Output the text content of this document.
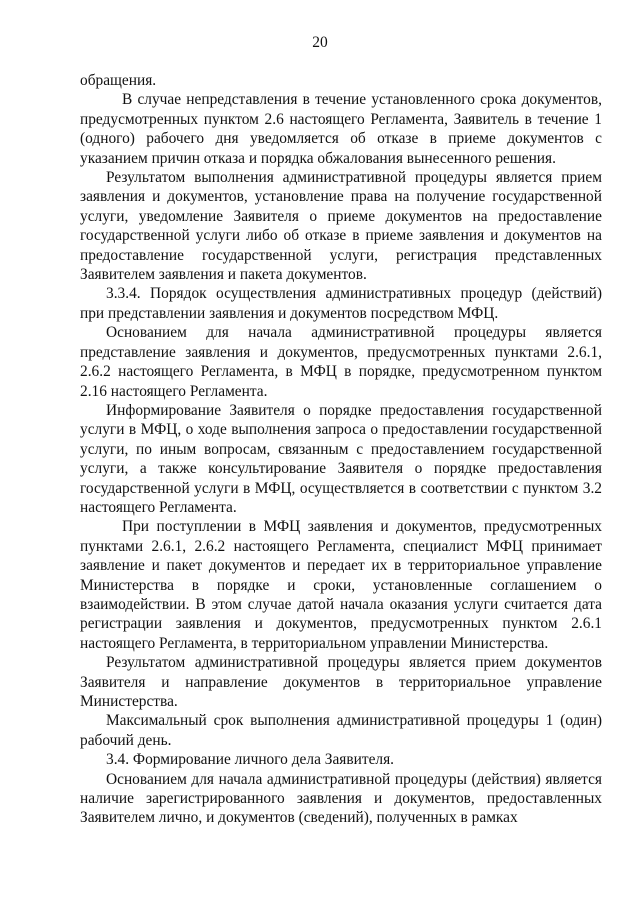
20

обращения.

В случае непредставления в течение установленного срока документов, предусмотренных пунктом 2.6 настоящего Регламента, Заявитель в течение 1 (одного) рабочего дня уведомляется об отказе в приеме документов с указанием причин отказа и порядка обжалования вынесенного решения.

Результатом выполнения административной процедуры является прием заявления и документов, установление права на получение государственной услуги, уведомление Заявителя о приеме документов на предоставление государственной услуги либо об отказе в приеме заявления и документов на предоставление государственной услуги, регистрация представленных Заявителем заявления и пакета документов.

3.3.4. Порядок осуществления административных процедур (действий) при представлении заявления и документов посредством МФЦ.

Основанием для начала административной процедуры является представление заявления и документов, предусмотренных пунктами 2.6.1, 2.6.2 настоящего Регламента, в МФЦ в порядке, предусмотренном пунктом 2.16 настоящего Регламента.

Информирование Заявителя о порядке предоставления государственной услуги в МФЦ, о ходе выполнения запроса о предоставлении государственной услуги, по иным вопросам, связанным с предоставлением государственной услуги, а также консультирование Заявителя о порядке предоставления государственной услуги в МФЦ, осуществляется в соответствии с пунктом 3.2 настоящего Регламента.

При поступлении в МФЦ заявления и документов, предусмотренных пунктами 2.6.1, 2.6.2 настоящего Регламента, специалист МФЦ принимает заявление и пакет документов и передает их в территориальное управление Министерства в порядке и сроки, установленные соглашением о взаимодействии. В этом случае датой начала оказания услуги считается дата регистрации заявления и документов, предусмотренных пунктом 2.6.1 настоящего Регламента, в территориальном управлении Министерства.

Результатом административной процедуры является прием документов Заявителя и направление документов в территориальное управление Министерства.

Максимальный срок выполнения административной процедуры 1 (один) рабочий день.

3.4. Формирование личного дела Заявителя.

Основанием для начала административной процедуры (действия) является наличие зарегистрированного заявления и документов, предоставленных Заявителем лично, и документов (сведений), полученных в рамках
